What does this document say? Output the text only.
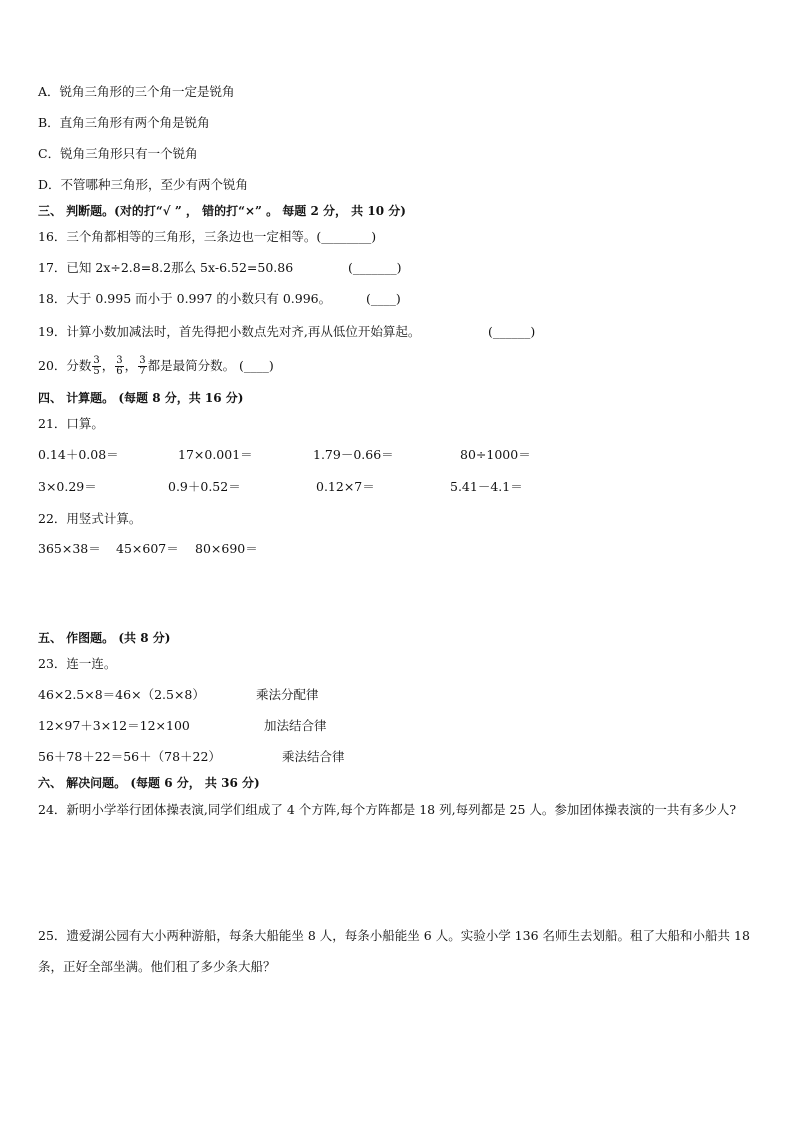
A．锐角三角形的三个角一定是锐角
B．直角三角形有两个角是锐角
C．锐角三角形只有一个锐角
D．不管哪种三角形，至少有两个锐角
三、 判断题。(对的打“√ ” ， 错的打“×” 。 每题 2 分， 共 10 分)
16．三个角都相等的三角形，三条边也一定相等。(________)
17．已知 2x÷2.8=8.2那么 5x-6.52=50.86	(_______)
18．大于 0.995 而小于 0.997 的小数只有 0.996。	(____)
19．计算小数加减法时，首先得把小数点先对齐,再从低位开始算起。	(______)
20．分数 $\frac{3}{5}$ ， $\frac{3}{6}$ ， $\frac{3}{7}$ 都是最简分数。 (____)
四、 计算题。 (每题 8 分，共 16 分)
21．口算。
0.14＋0.08＝	17×0.001＝	1.79－0.66＝	80÷1000＝
3×0.29＝	0.9＋0.52＝	0.12×7＝	5.41－4.1＝
22．用竖式计算。
365×38＝ 45×607＝ 80×690＝
五、 作图题。 (共 8 分)
23．连一连。
46×2.5×8＝46×（2.5×8）	乘法分配律
12×97＋3×12＝12×100	加法结合律
56＋78＋22＝56＋（78＋22）	乘法结合律
六、 解决问题。 (每题 6 分， 共 36 分)
24．新明小学举行团体操表演,同学们组成了 4 个方阵,每个方阵都是 18 列,每列都是 25 人。参加团体操表演的一共有多少人?
25．遗爱湖公园有大小两种游船，每条大船能坐 8 人，每条小船能坐 6 人。实验小学 136 名师生去划船。租了大船和小船共 18 条，正好全部坐满。他们租了多少条大船？
